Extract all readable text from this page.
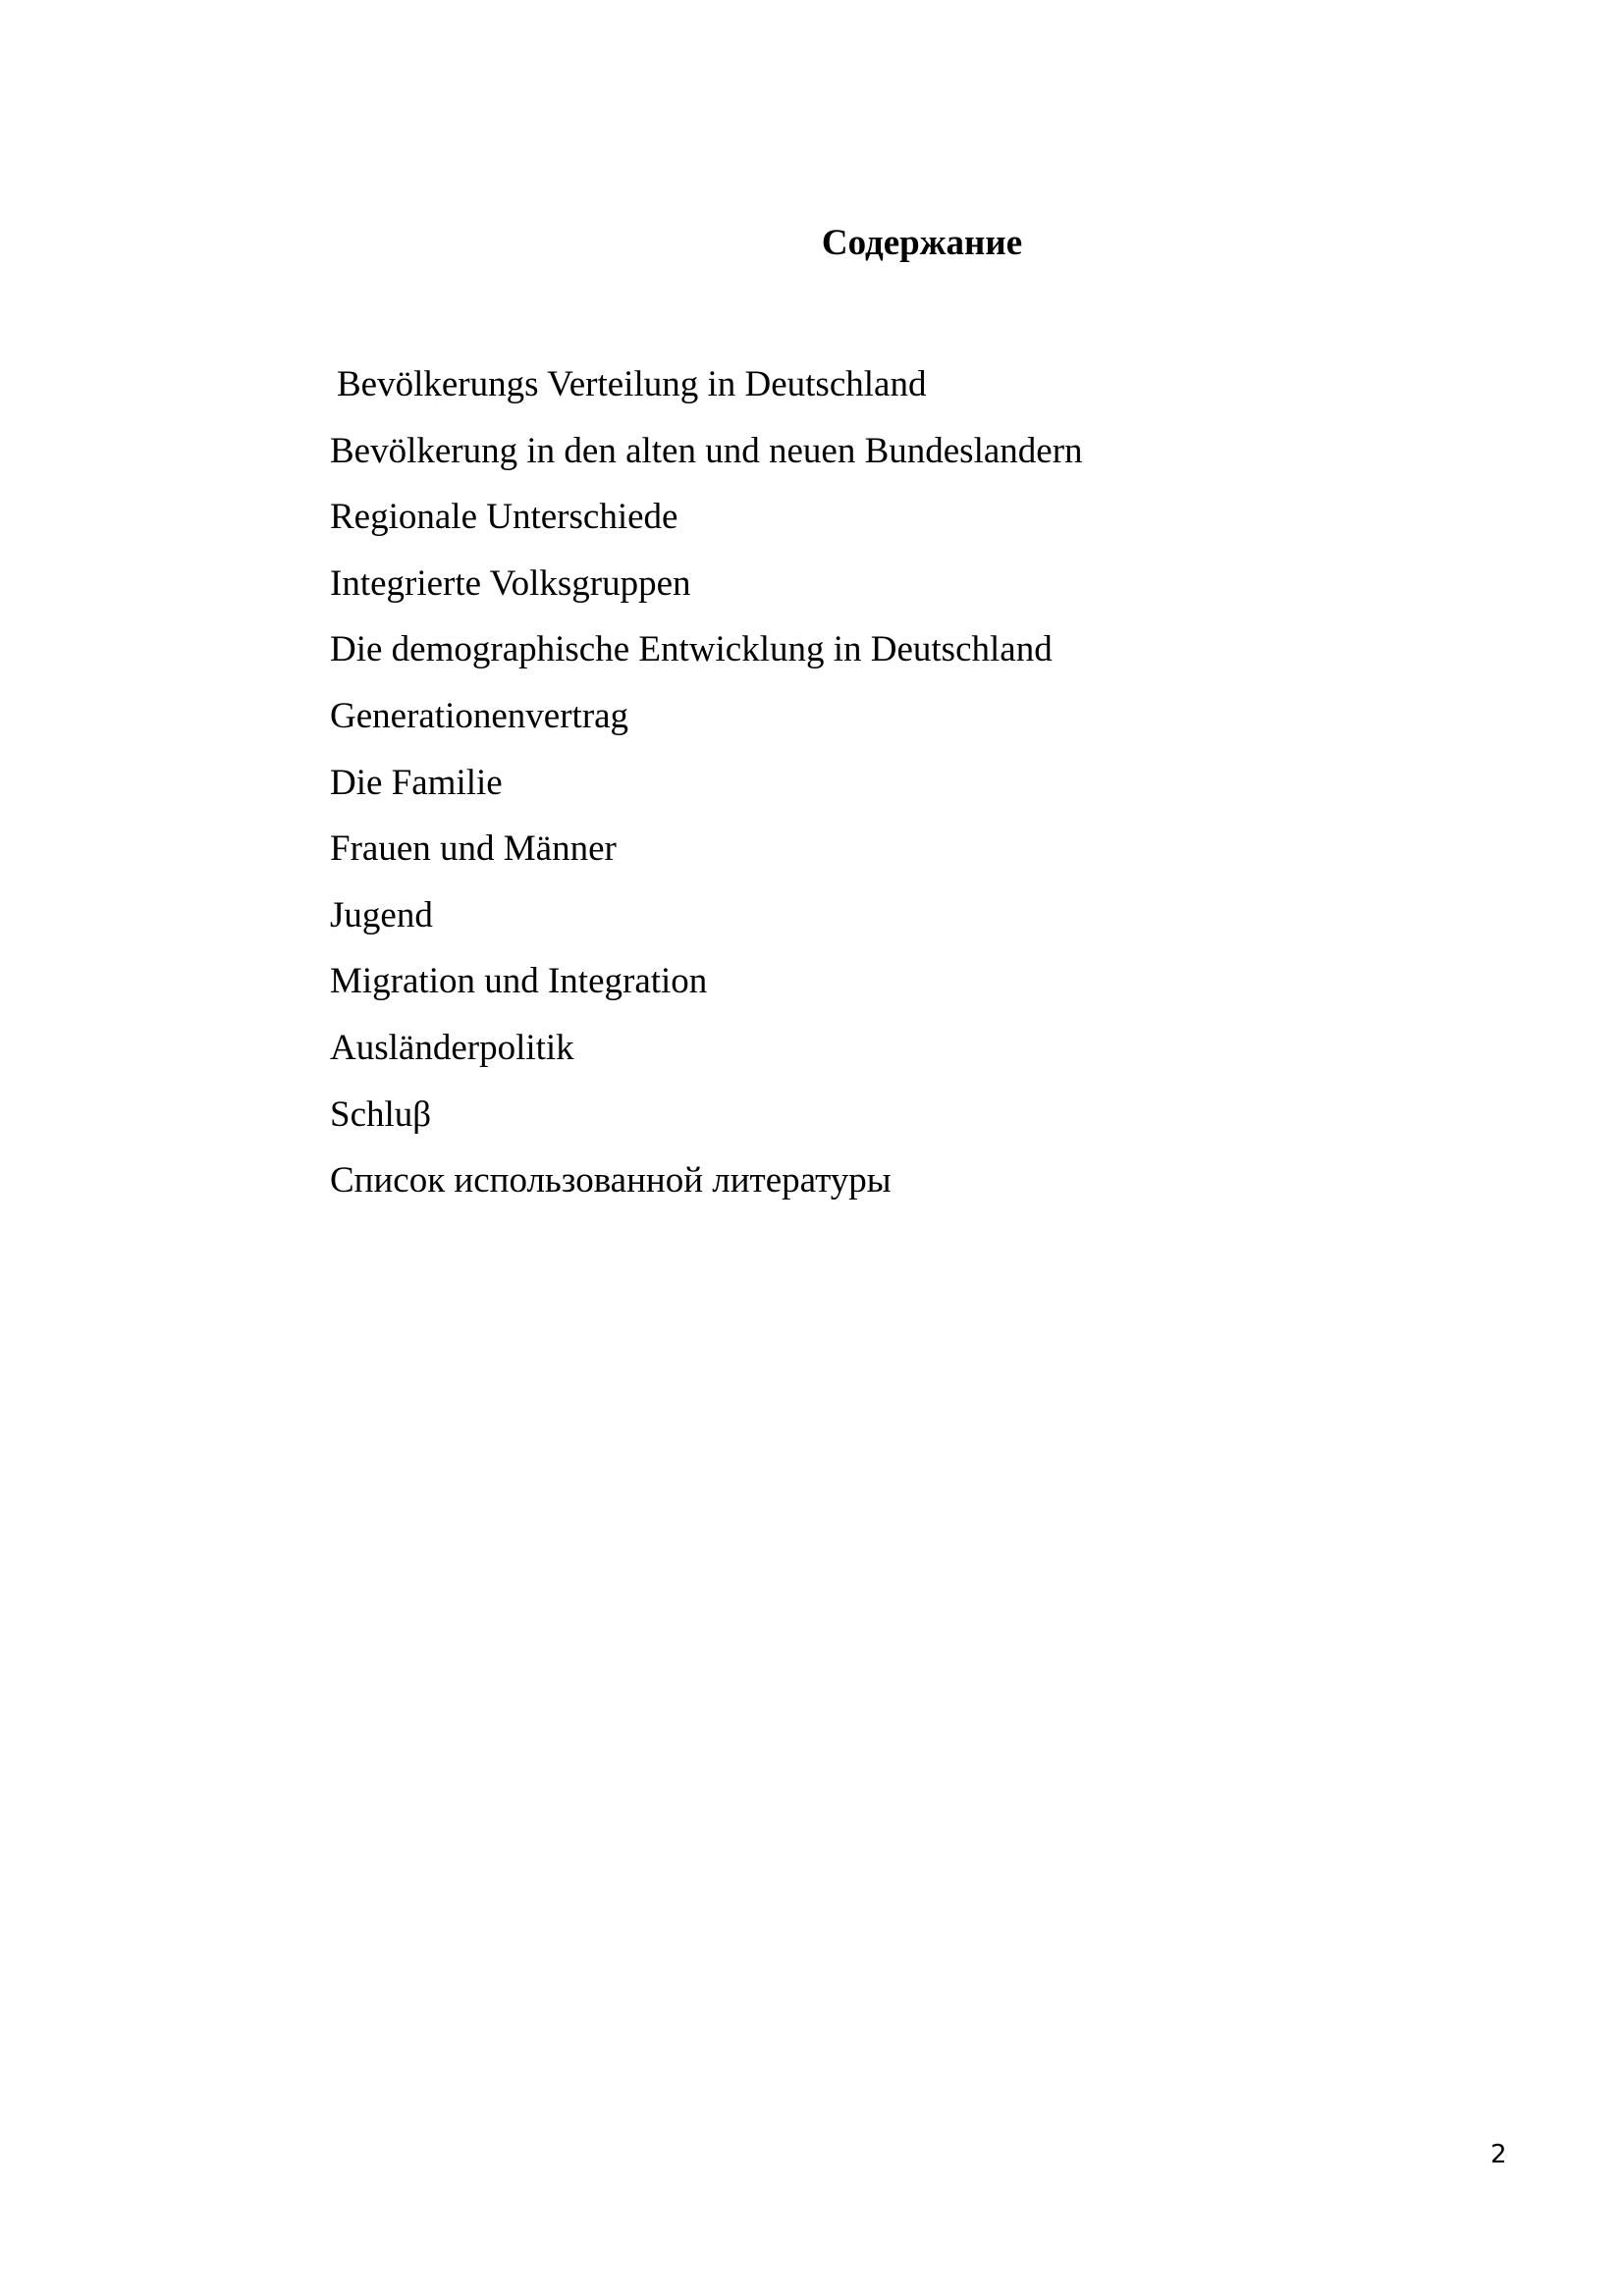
Содержание
Bevölkerungs Verteilung in Deutschland
Bevölkerung in den alten und neuen Bundeslandern
Regionale Unterschiede
Integrierte Volksgruppen
Die demographische Entwicklung in Deutschland
Generationenvertrag
Die Familie
Frauen und Männer
Jugend
Migration und Integration
Ausländerpolitik
Schluβ
Список использованной литературы
2
